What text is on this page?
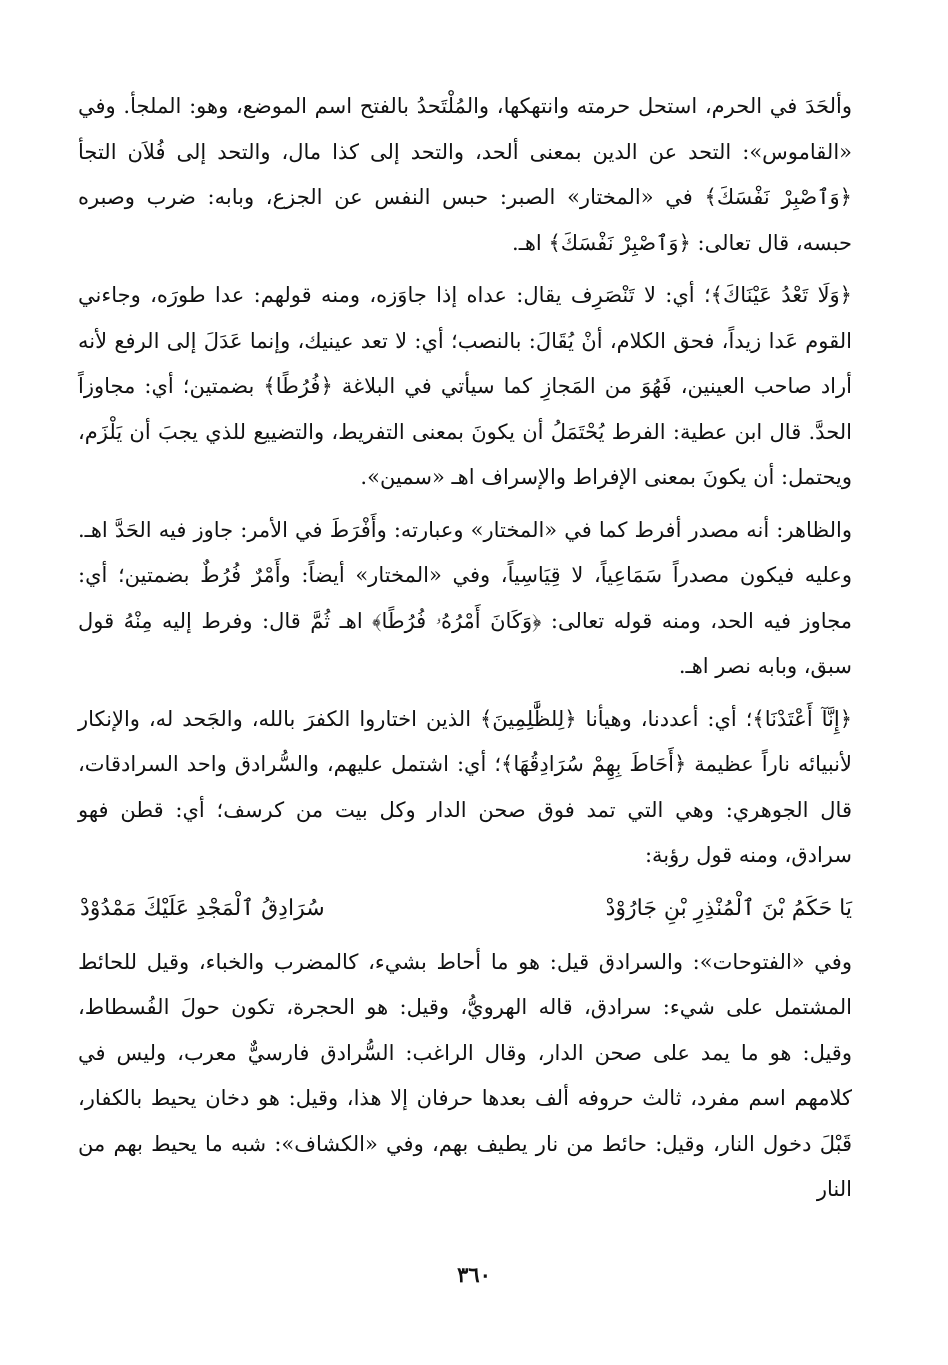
وألحَدَ في الحرم، استحل حرمته وانتهكها، والمُلْتَحدُ بالفتح اسم الموضع، وهو: الملجأ. وفي «القاموس»: التحد عن الدين بمعنى ألحد، والتحد إلى كذا مال، والتحد إلى فُلاَن التجأ ﴿وَٱصْبِرْ نَفْسَكَ﴾ في «المختار» الصبر: حبس النفس عن الجزع، وبابه: ضرب وصبره حبسه، قال تعالى: ﴿وَٱصْبِرْ نَفْسَكَ﴾ اهـ.

﴿وَلَا تَعْدُ عَيْنَاكَ﴾؛ أي: لا تَنْصَرِف يقال: عداه إذا جاوَزه، ومنه قولهم: عدا طورَه، وجاءني القوم عَدا زيداً، فحق الكلام، أنْ يُقَالَ: بالنصب؛ أي: لا تعد عينيك، وإنما عَدَلَ إلى الرفع لأنه أراد صاحب العينين، فَهُوَ من المَجازِ كما سيأتي في البلاغة ﴿فُرُطًا﴾ بضمتين؛ أي: مجاوزاً الحدَّ. قال ابن عطية: الفرط يُحْتَمَلُ أن يكونَ بمعنى التفريط، والتضييع للذي يجبَ أن يَلْزَم، ويحتمل: أن يكونَ بمعنى الإفراط والإسراف اهـ «سمين».

والظاهر: أنه مصدر أفرط كما في «المختار» وعبارته: وأَفْرَطَ في الأمر: جاوز فيه الحَدَّ اهـ. وعليه فيكون مصدراً سَمَاعِياً، لا قِيَاسِياً، وفي «المختار» أيضاً: وأَمْرٌ فُرُطٌ بضمتين؛ أي: مجاوز فيه الحد، ومنه قوله تعالى: ﴿وَكَانَ أَمْرُهُۥ فُرُطًا﴾ اهـ ثُمَّ قال: وفرط إليه مِنْهُ قول سبق، وبابه نصر اهـ.

﴿إِنَّآ أَعْتَدْنَا﴾؛ أي: أعددنا، وهيأنا ﴿لِلظَّٰلِمِينَ﴾ الذين اختاروا الكفرَ بالله، والجَحد له، والإنكار لأنبيائه ناراً عظيمة ﴿أَحَاطَ بِهِمْ سُرَادِقُهَا﴾؛ أي: اشتمل عليهم، والسُّرادق واحد السرادقات، قال الجوهري: وهي التي تمد فوق صحن الدار وكل بيت من كرسف؛ أي: قطن فهو سرادق، ومنه قول رؤبة:

يَا حَكَمُ بْنَ ٱلْمُنْذِرِ بْنِ جَارُوْدْ
سُرَادِقُ ٱلْمَجْدِ عَلَيْكَ مَمْدُوْدْ

وفي «الفتوحات»: والسرادق قيل: هو ما أحاط بشيء، كالمضرب والخباء، وقيل للحائط المشتمل على شيء: سرادق، قاله الهرويُّ، وقيل: هو الحجرة، تكون حولَ الفُسطاط، وقيل: هو ما يمد على صحن الدار، وقال الراغب: السُّرادق فارسيٌّ معرب، وليس في كلامهم اسم مفرد، ثالث حروفه ألف بعدها حرفان إلا هذا، وقيل: هو دخان يحيط بالكفار، قَبْلَ دخول النار، وقيل: حائط من نار يطيف بهم، وفي «الكشاف»: شبه ما يحيط بهم من النار

٣٦٠
